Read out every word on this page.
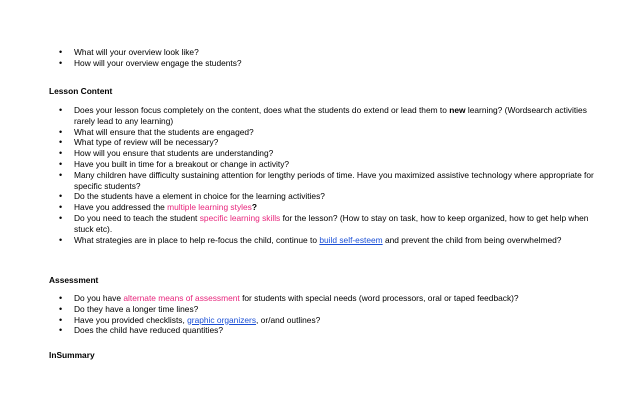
• What will your overview look like?
• How will your overview engage the students?
Lesson Content
• Does your lesson focus completely on the content, does what the students do extend or lead them to new learning? (Wordsearch activities rarely lead to any learning)
• What will ensure that the students are engaged?
• What type of review will be necessary?
• How will you ensure that students are understanding?
• Have you built in time for a breakout or change in activity?
• Many children have difficulty sustaining attention for lengthy periods of time. Have you maximized assistive technology where appropriate for specific students?
• Do the students have a element in choice for the learning activities?
• Have you addressed the multiple learning styles?
• Do you need to teach the student specific learning skills for the lesson? (How to stay on task, how to keep organized, how to get help when stuck etc).
• What strategies are in place to help re-focus the child, continue to build self-esteem and prevent the child from being overwhelmed?
Assessment
• Do you have alternate means of assessment for students with special needs (word processors, oral or taped feedback)?
• Do they have a longer time lines?
• Have you provided checklists, graphic organizers, or/and outlines?
• Does the child have reduced quantities?
InSummary
